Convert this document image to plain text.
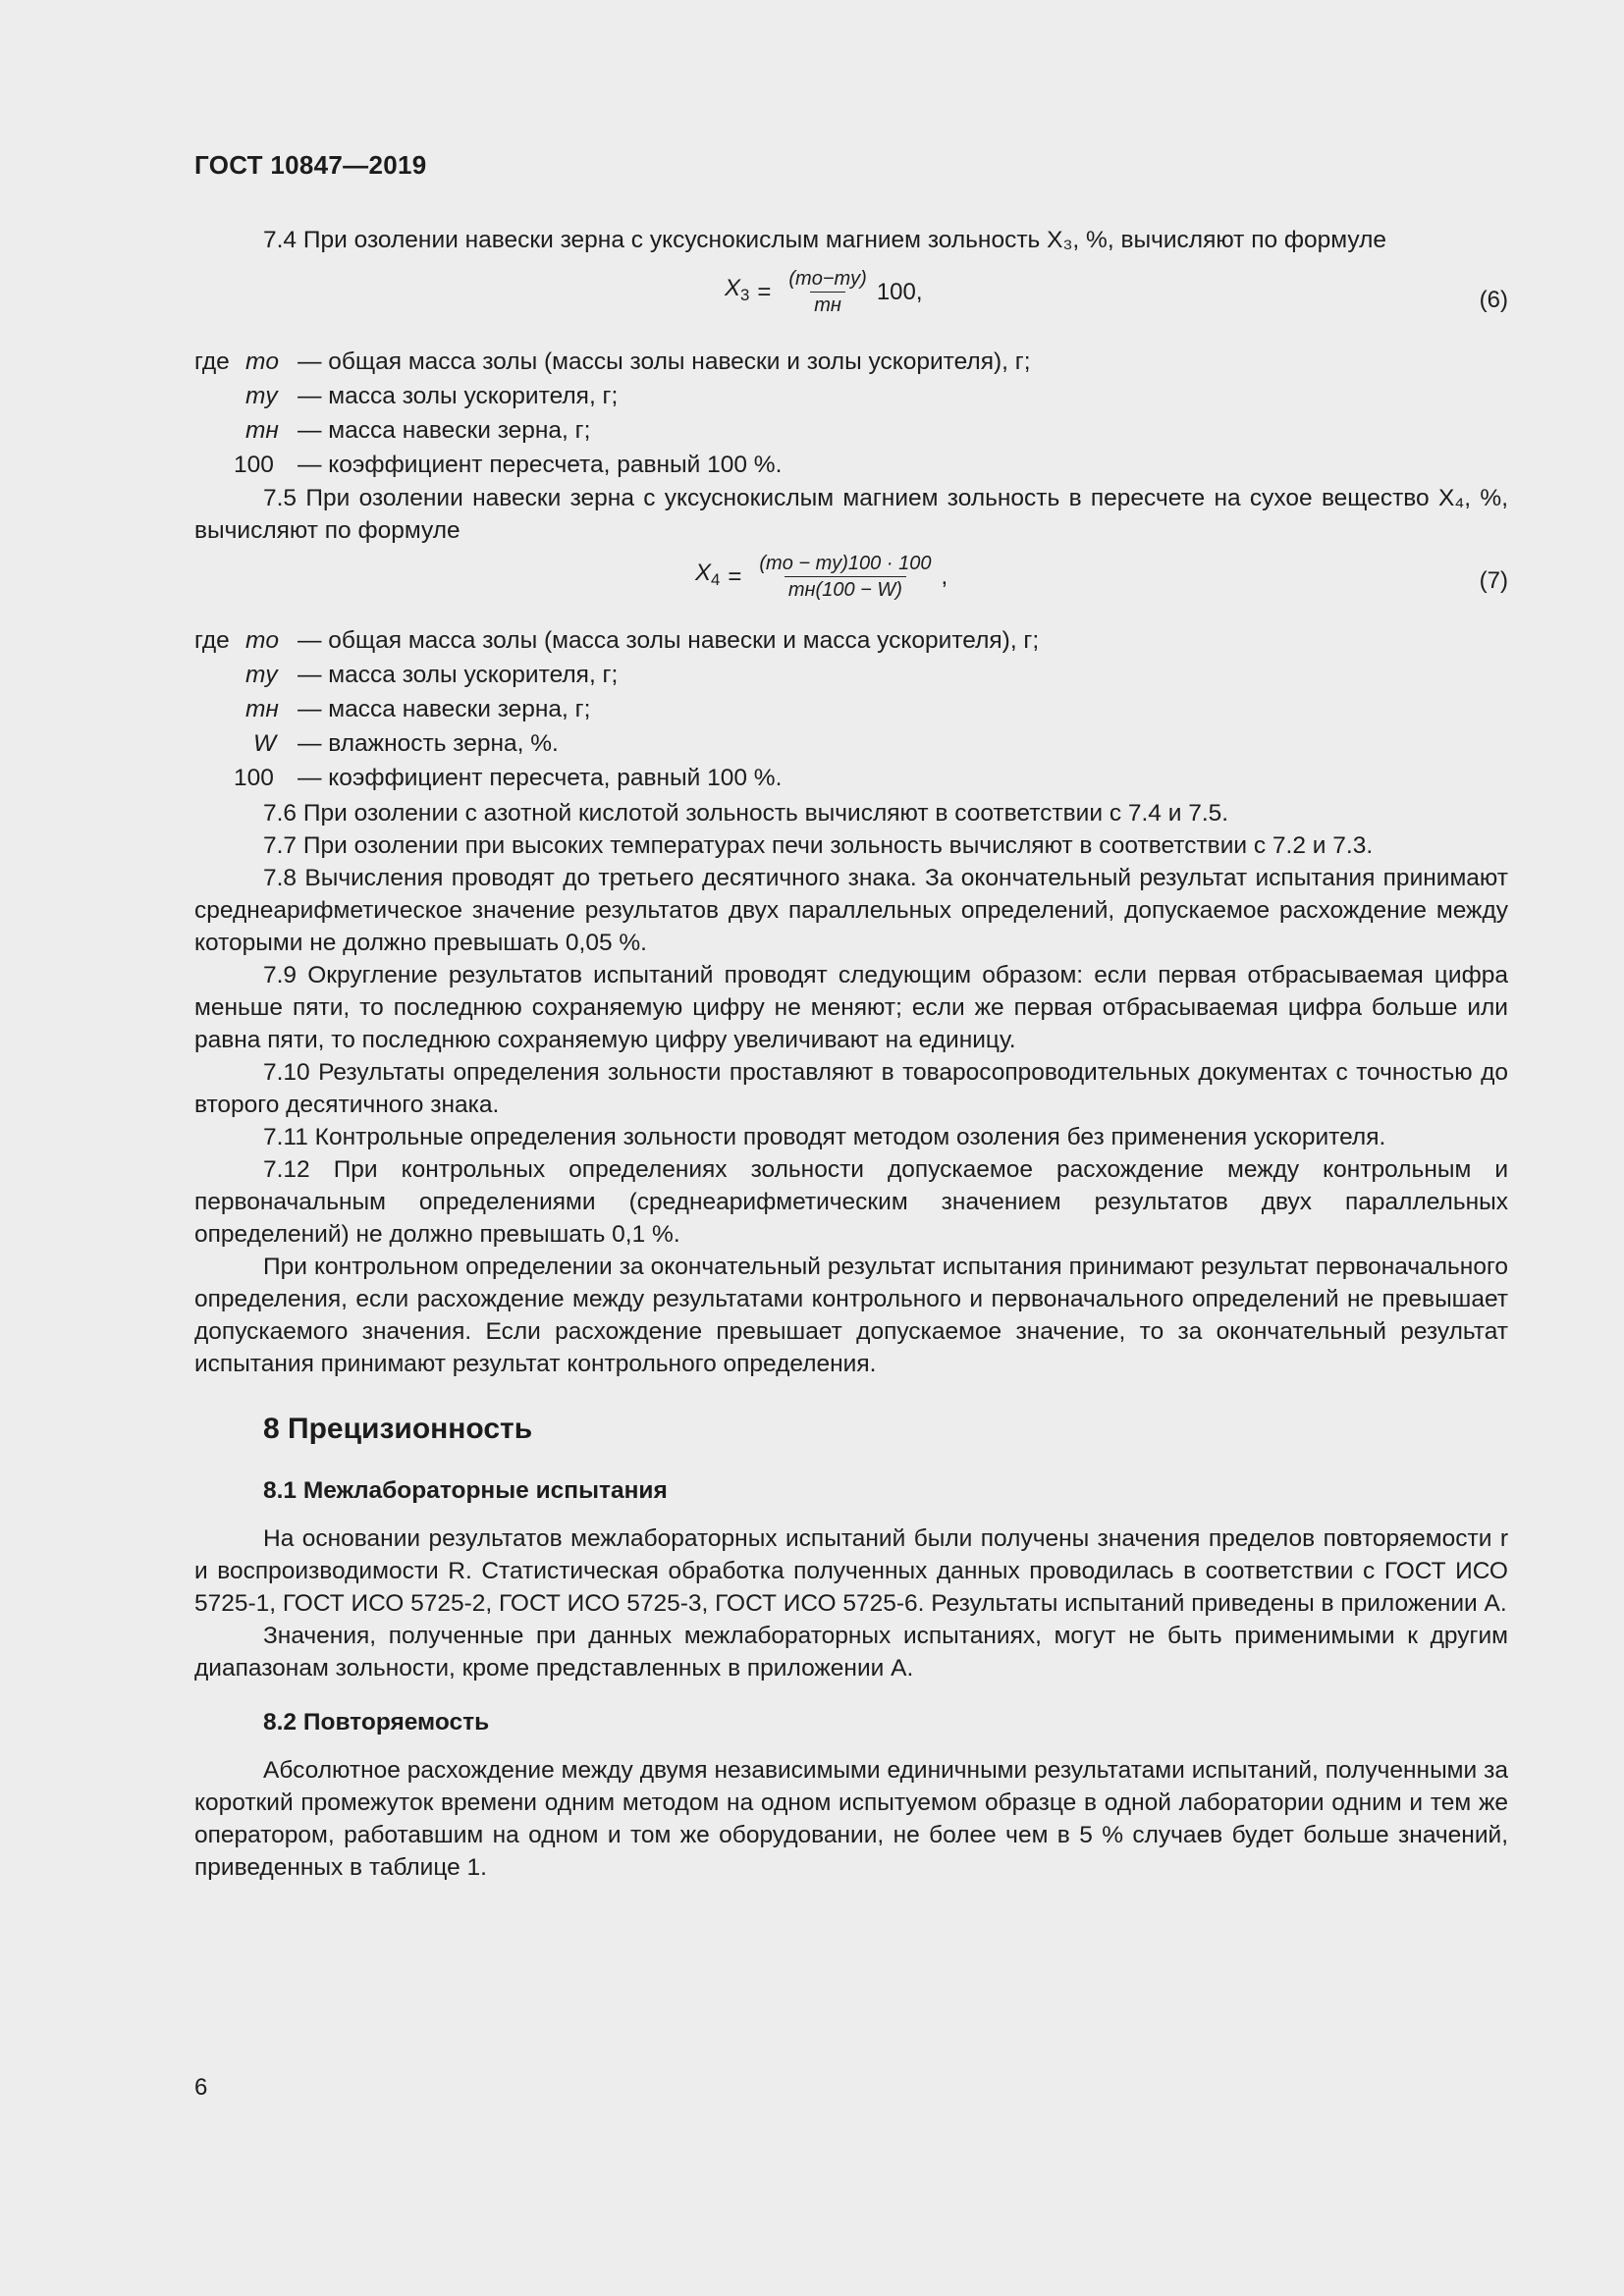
ГОСТ 10847—2019

7.4 При озолении навески зерна с уксуснокислым магнием зольность X₃, %, вычисляют по формуле

$X_3 = \frac{(mо-mу)}{mн} 100$,	(6)
где mо — общая масса золы (массы золы навески и золы ускорителя), г;
mу — масса золы ускорителя, г;
mн — масса навески зерна, г;
100 — коэффициент пересчета, равный 100 %.

7.5 При озолении навески зерна с уксуснокислым магнием зольность в пересчете на сухое вещество X₄, %, вычисляют по формуле

$X_4 = \frac{(mо - mу)100 \cdot 100}{mн(100 - W)}$ ,	(7)
где mо — общая масса золы (масса золы навески и масса ускорителя), г;
mу — масса золы ускорителя, г;
mн — масса навески зерна, г;
W — влажность зерна, %.
100 — коэффициент пересчета, равный 100 %.

7.6 При озолении с азотной кислотой зольность вычисляют в соответствии с 7.4 и 7.5.

7.7 При озолении при высоких температурах печи зольность вычисляют в соответствии с 7.2 и 7.3.

7.8 Вычисления проводят до третьего десятичного знака. За окончательный результат испытания принимают среднеарифметическое значение результатов двух параллельных определений, допускаемое расхождение между которыми не должно превышать 0,05 %.

7.9 Округление результатов испытаний проводят следующим образом: если первая отбрасываемая цифра меньше пяти, то последнюю сохраняемую цифру не меняют; если же первая отбрасываемая цифра больше или равна пяти, то последнюю сохраняемую цифру увеличивают на единицу.

7.10 Результаты определения зольности проставляют в товаросопроводительных документах с точностью до второго десятичного знака.

7.11 Контрольные определения зольности проводят методом озоления без применения ускорителя.

7.12 При контрольных определениях зольности допускаемое расхождение между контрольным и первоначальным определениями (среднеарифметическим значением результатов двух параллельных определений) не должно превышать 0,1 %.

При контрольном определении за окончательный результат испытания принимают результат первоначального определения, если расхождение между результатами контрольного и первоначального определений не превышает допускаемого значения. Если расхождение превышает допускаемое значение, то за окончательный результат испытания принимают результат контрольного определения.

8 Прецизионность
8.1 Межлабораторные испытания

На основании результатов межлабораторных испытаний были получены значения пределов повторяемости r и воспроизводимости R. Статистическая обработка полученных данных проводилась в соответствии с ГОСТ ИСО 5725-1, ГОСТ ИСО 5725-2, ГОСТ ИСО 5725-3, ГОСТ ИСО 5725-6. Результаты испытаний приведены в приложении А.

Значения, полученные при данных межлабораторных испытаниях, могут не быть применимыми к другим диапазонам зольности, кроме представленных в приложении А.

8.2 Повторяемость

Абсолютное расхождение между двумя независимыми единичными результатами испытаний, полученными за короткий промежуток времени одним методом на одном испытуемом образце в одной лаборатории одним и тем же оператором, работавшим на одном и том же оборудовании, не более чем в 5 % случаев будет больше значений, приведенных в таблице 1.

6
